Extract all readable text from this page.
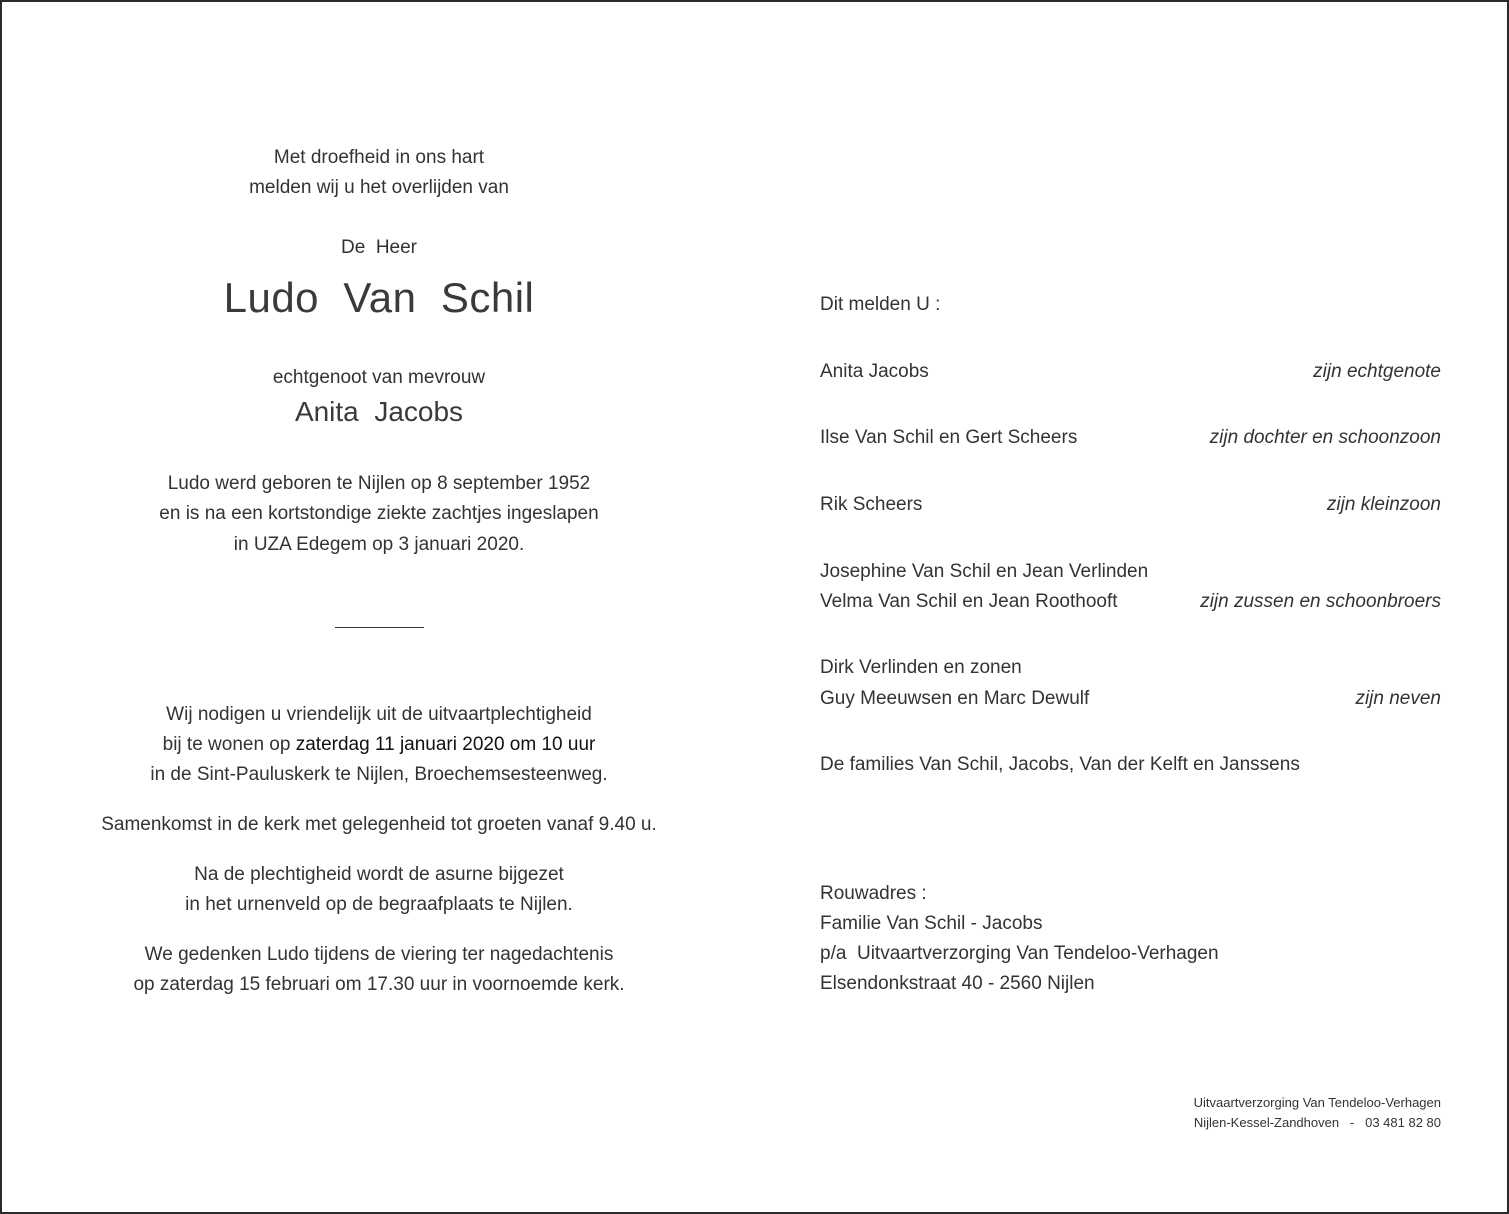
Met droefheid in ons hart
melden wij u het overlijden van
De  Heer
Ludo  Van  Schil
echtgenoot van mevrouw
Anita  Jacobs
Ludo werd geboren te Nijlen op 8 september 1952
en is na een kortstondige ziekte zachtjes ingeslapen
in UZA Edegem op 3 januari 2020.
Wij nodigen u vriendelijk uit de uitvaartplechtigheid
bij te wonen op zaterdag 11 januari 2020 om 10 uur
in de Sint-Pauluskerk te Nijlen, Broechemsesteenweg.
Samenkomst in de kerk met gelegenheid tot groeten vanaf 9.40 u.
Na de plechtigheid wordt de asurne bijgezet
in het urnenveld op de begraafplaats te Nijlen.
We gedenken Ludo tijdens de viering ter nagedachtenis
op zaterdag 15 februari om 17.30 uur in voornoemde kerk.
Dit melden U :
Anita Jacobs	zijn echtgenote
Ilse Van Schil en Gert Scheers	zijn dochter en schoonzoon
Rik Scheers	zijn kleinzoon
Josephine Van Schil en Jean Verlinden
Velma Van Schil en Jean Roothooft	zijn zussen en schoonbroers
Dirk Verlinden en zonen
Guy Meeuwsen en Marc Dewulf	zijn neven
De families Van Schil, Jacobs, Van der Kelft en Janssens
Rouwadres :
Familie Van Schil - Jacobs
p/a  Uitvaartverzorging Van Tendeloo-Verhagen
Elsendonkstraat 40 - 2560 Nijlen
Uitvaartverzorging Van Tendeloo-Verhagen
Nijlen-Kessel-Zandhoven   -   03 481 82 80
